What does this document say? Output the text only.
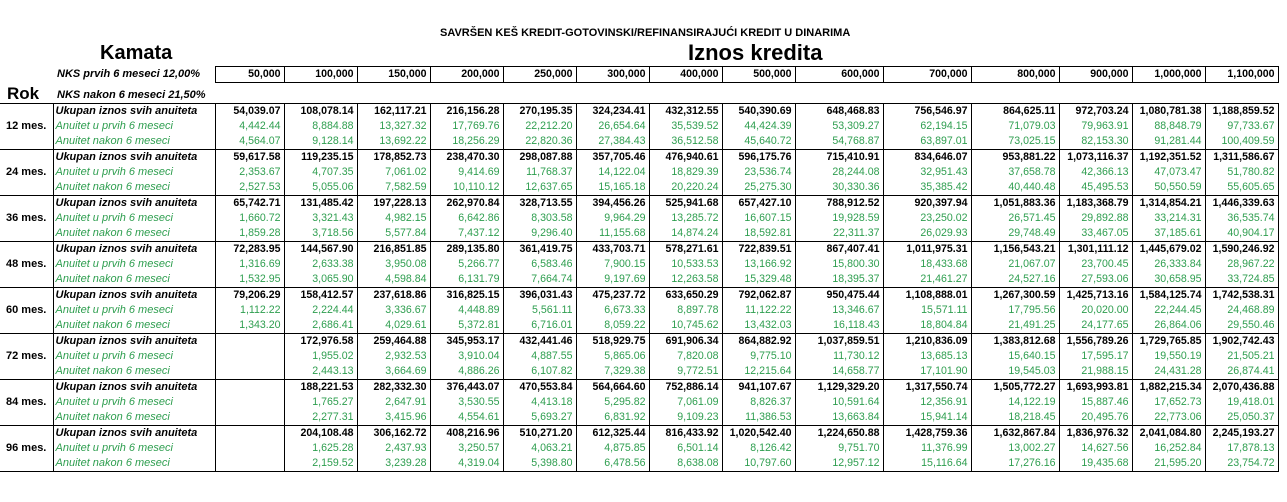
SAVRŠEN KEŠ KREDIT-GOTOVINSKI/REFINANSIRAJUĆI KREDIT U DINARIMA
Kamata	Iznos kredita
NKS prvih 6 meseci 12,00%
NKS nakon 6 meseci 21,50%
Rok
		50,000	100,000	150,000	200,000	250,000	300,000	400,000	500,000	600,000	700,000	800,000	900,000	1,000,000	1,100,000

12 mes.	Ukupan iznos svih anuiteta	54,039.07	108,078.14	162,117.21	216,156.28	270,195.35	324,234.41	432,312.55	540,390.69	648,468.83	756,546.97	864,625.11	972,703.24	1,080,781.38	1,188,859.52
	Anuitet u prvih 6 meseci	4,442.44	8,884.88	13,327.32	17,769.76	22,212.20	26,654.64	35,539.52	44,424.39	53,309.27	62,194.15	71,079.03	79,963.91	88,848.79	97,733.67
	Anuitet nakon 6 meseci	4,564.07	9,128.14	13,692.22	18,256.29	22,820.36	27,384.43	36,512.58	45,640.72	54,768.87	63,897.01	73,025.15	82,153.30	91,281.44	100,409.59
24 mes.	Ukupan iznos svih anuiteta	59,617.58	119,235.15	178,852.73	238,470.30	298,087.88	357,705.46	476,940.61	596,175.76	715,410.91	834,646.07	953,881.22	1,073,116.37	1,192,351.52	1,311,586.67
	Anuitet u prvih 6 meseci	2,353.67	4,707.35	7,061.02	9,414.69	11,768.37	14,122.04	18,829.39	23,536.74	28,244.08	32,951.43	37,658.78	42,366.13	47,073.47	51,780.82
	Anuitet nakon 6 meseci	2,527.53	5,055.06	7,582.59	10,110.12	12,637.65	15,165.18	20,220.24	25,275.30	30,330.36	35,385.42	40,440.48	45,495.53	50,550.59	55,605.65
36 mes.	Ukupan iznos svih anuiteta	65,742.71	131,485.42	197,228.13	262,970.84	328,713.55	394,456.26	525,941.68	657,427.10	788,912.52	920,397.94	1,051,883.36	1,183,368.79	1,314,854.21	1,446,339.63
	Anuitet u prvih 6 meseci	1,660.72	3,321.43	4,982.15	6,642.86	8,303.58	9,964.29	13,285.72	16,607.15	19,928.59	23,250.02	26,571.45	29,892.88	33,214.31	36,535.74
	Anuitet nakon 6 meseci	1,859.28	3,718.56	5,577.84	7,437.12	9,296.40	11,155.68	14,874.24	18,592.81	22,311.37	26,029.93	29,748.49	33,467.05	37,185.61	40,904.17
48 mes.	Ukupan iznos svih anuiteta	72,283.95	144,567.90	216,851.85	289,135.80	361,419.75	433,703.71	578,271.61	722,839.51	867,407.41	1,011,975.31	1,156,543.21	1,301,111.12	1,445,679.02	1,590,246.92
	Anuitet u prvih 6 meseci	1,316.69	2,633.38	3,950.08	5,266.77	6,583.46	7,900.15	10,533.53	13,166.92	15,800.30	18,433.68	21,067.07	23,700.45	26,333.84	28,967.22
	Anuitet nakon 6 meseci	1,532.95	3,065.90	4,598.84	6,131.79	7,664.74	9,197.69	12,263.58	15,329.48	18,395.37	21,461.27	24,527.16	27,593.06	30,658.95	33,724.85
60 mes.	Ukupan iznos svih anuiteta	79,206.29	158,412.57	237,618.86	316,825.15	396,031.43	475,237.72	633,650.29	792,062.87	950,475.44	1,108,888.01	1,267,300.59	1,425,713.16	1,584,125.74	1,742,538.31
	Anuitet u prvih 6 meseci	1,112.22	2,224.44	3,336.67	4,448.89	5,561.11	6,673.33	8,897.78	11,122.22	13,346.67	15,571.11	17,795.56	20,020.00	22,244.45	24,468.89
	Anuitet nakon 6 meseci	1,343.20	2,686.41	4,029.61	5,372.81	6,716.01	8,059.22	10,745.62	13,432.03	16,118.43	18,804.84	21,491.25	24,177.65	26,864.06	29,550.46
72 mes.	Ukupan iznos svih anuiteta		172,976.58	259,464.88	345,953.17	432,441.46	518,929.75	691,906.34	864,882.92	1,037,859.51	1,210,836.09	1,383,812.68	1,556,789.26	1,729,765.85	1,902,742.43
	Anuitet u prvih 6 meseci		1,955.02	2,932.53	3,910.04	4,887.55	5,865.06	7,820.08	9,775.10	11,730.12	13,685.13	15,640.15	17,595.17	19,550.19	21,505.21
	Anuitet nakon 6 meseci		2,443.13	3,664.69	4,886.26	6,107.82	7,329.38	9,772.51	12,215.64	14,658.77	17,101.90	19,545.03	21,988.15	24,431.28	26,874.41
84 mes.	Ukupan iznos svih anuiteta		188,221.53	282,332.30	376,443.07	470,553.84	564,664.60	752,886.14	941,107.67	1,129,329.20	1,317,550.74	1,505,772.27	1,693,993.81	1,882,215.34	2,070,436.88
	Anuitet u prvih 6 meseci		1,765.27	2,647.91	3,530.55	4,413.18	5,295.82	7,061.09	8,826.37	10,591.64	12,356.91	14,122.19	15,887.46	17,652.73	19,418.01
	Anuitet nakon 6 meseci		2,277.31	3,415.96	4,554.61	5,693.27	6,831.92	9,109.23	11,386.53	13,663.84	15,941.14	18,218.45	20,495.76	22,773.06	25,050.37
96 mes.	Ukupan iznos svih anuiteta		204,108.48	306,162.72	408,216.96	510,271.20	612,325.44	816,433.92	1,020,542.40	1,224,650.88	1,428,759.36	1,632,867.84	1,836,976.32	2,041,084.80	2,245,193.27
	Anuitet u prvih 6 meseci		1,625.28	2,437.93	3,250.57	4,063.21	4,875.85	6,501.14	8,126.42	9,751.70	11,376.99	13,002.27	14,627.56	16,252.84	17,878.13
	Anuitet nakon 6 meseci		2,159.52	3,239.28	4,319.04	5,398.80	6,478.56	8,638.08	10,797.60	12,957.12	15,116.64	17,276.16	19,435.68	21,595.20	23,754.72
